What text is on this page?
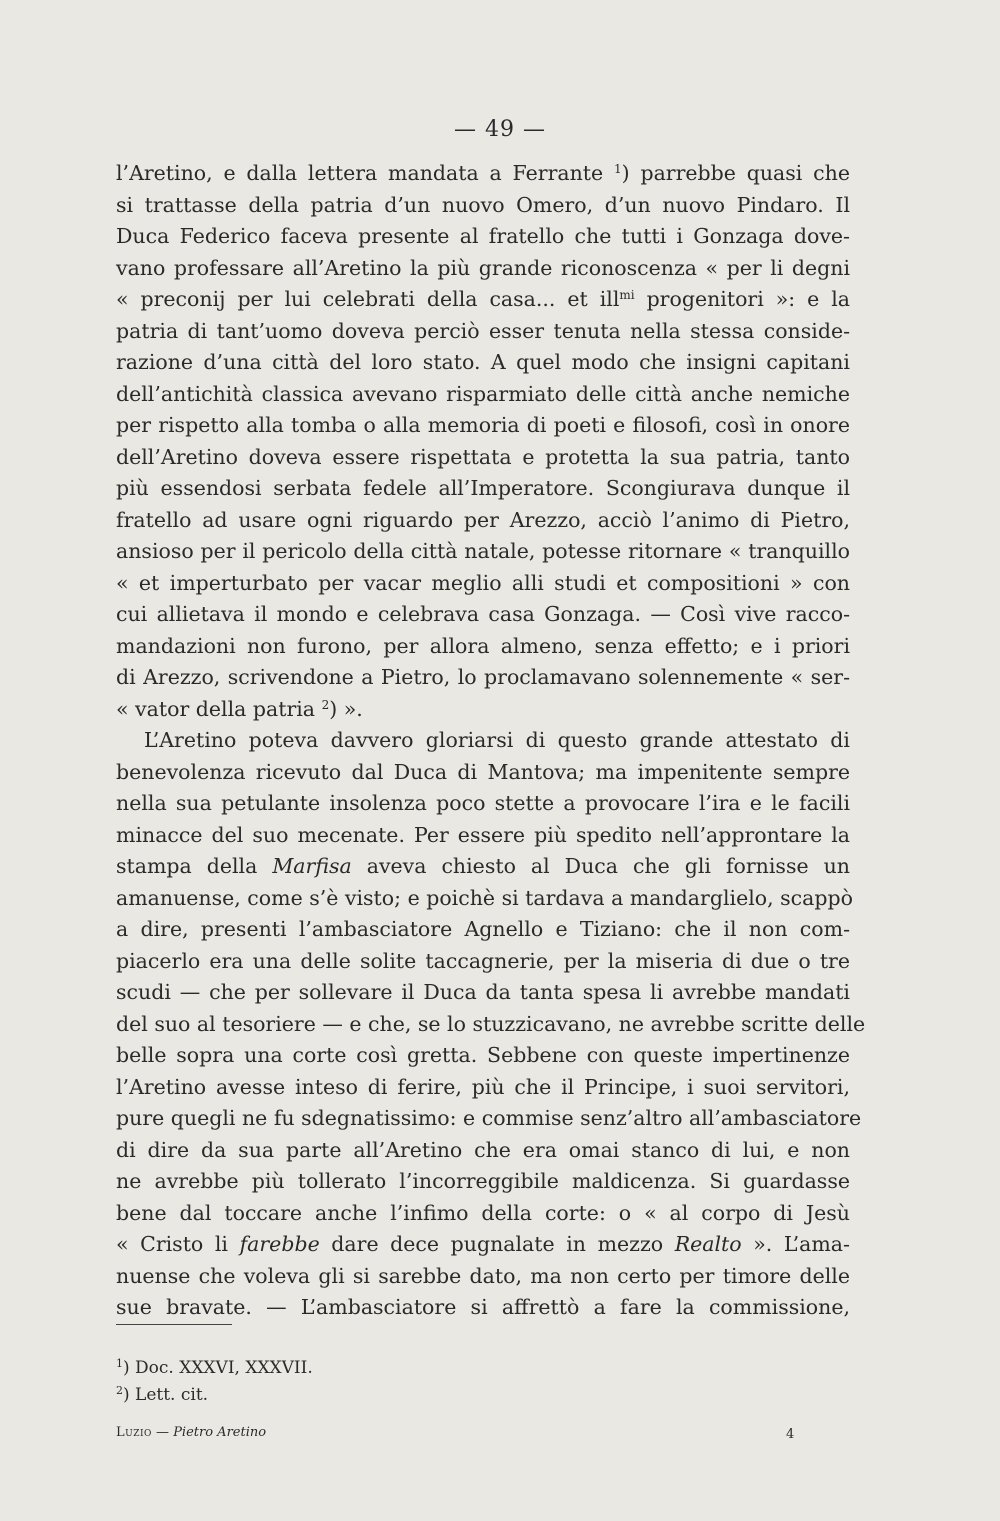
— 49 —
l’Aretino, e dalla lettera mandata a Ferrante $^1$) parrebbe quasi che
si trattasse della patria d’un nuovo Omero, d’un nuovo Pindaro. Il
Duca Federico faceva presente al fratello che tutti i Gonzaga dove-
vano professare all’Aretino la più grande riconoscenza « per li degni
« preconij per lui celebrati della casa... et ill$^{mi}$ progenitori »: e la
patria di tant’uomo doveva perciò esser tenuta nella stessa conside-
razione d’una città del loro stato. A quel modo che insigni capitani
dell’antichità classica avevano risparmiato delle città anche nemiche
per rispetto alla tomba o alla memoria di poeti e filosofi, così in onore
dell’Aretino doveva essere rispettata e protetta la sua patria, tanto
più essendosi serbata fedele all’Imperatore. Scongiurava dunque il
fratello ad usare ogni riguardo per Arezzo, acciò l’animo di Pietro,
ansioso per il pericolo della città natale, potesse ritornare « tranquillo
« et imperturbato per vacar meglio alli studi et compositioni » con
cui allietava il mondo e celebrava casa Gonzaga. — Così vive racco-
mandazioni non furono, per allora almeno, senza effetto; e i priori
di Arezzo, scrivendone a Pietro, lo proclamavano solennemente « ser-
« vator della patria $^2$) ».
L’Aretino poteva davvero gloriarsi di questo grande attestato di
benevolenza ricevuto dal Duca di Mantova; ma impenitente sempre
nella sua petulante insolenza poco stette a provocare l’ira e le facili
minacce del suo mecenate. Per essere più spedito nell’approntare la
stampa della Marfisa aveva chiesto al Duca che gli fornisse un
amanuense, come s’è visto; e poichè si tardava a mandarglielo, scappò
a dire, presenti l’ambasciatore Agnello e Tiziano: che il non com-
piacerlo era una delle solite taccagnerie, per la miseria di due o tre
scudi — che per sollevare il Duca da tanta spesa li avrebbe mandati
del suo al tesoriere — e che, se lo stuzzicavano, ne avrebbe scritte delle
belle sopra una corte così gretta. Sebbene con queste impertinenze
l’Aretino avesse inteso di ferire, più che il Principe, i suoi servitori,
pure quegli ne fu sdegnatissimo: e commise senz’altro all’ambasciatore
di dire da sua parte all’Aretino che era omai stanco di lui, e non
ne avrebbe più tollerato l’incorreggibile maldicenza. Si guardasse
bene dal toccare anche l’infimo della corte: o « al corpo di Jesù
« Cristo li farebbe dare dece pugnalate in mezzo Realto ». L’ama-
nuense che voleva gli si sarebbe dato, ma non certo per timore delle
sue bravate. — L’ambasciatore si affrettò a fare la commissione,
$^1$) Doc. XXXVI, XXXVII.
$^2$) Lett. cit.
Luzio — Pietro Aretino	4
